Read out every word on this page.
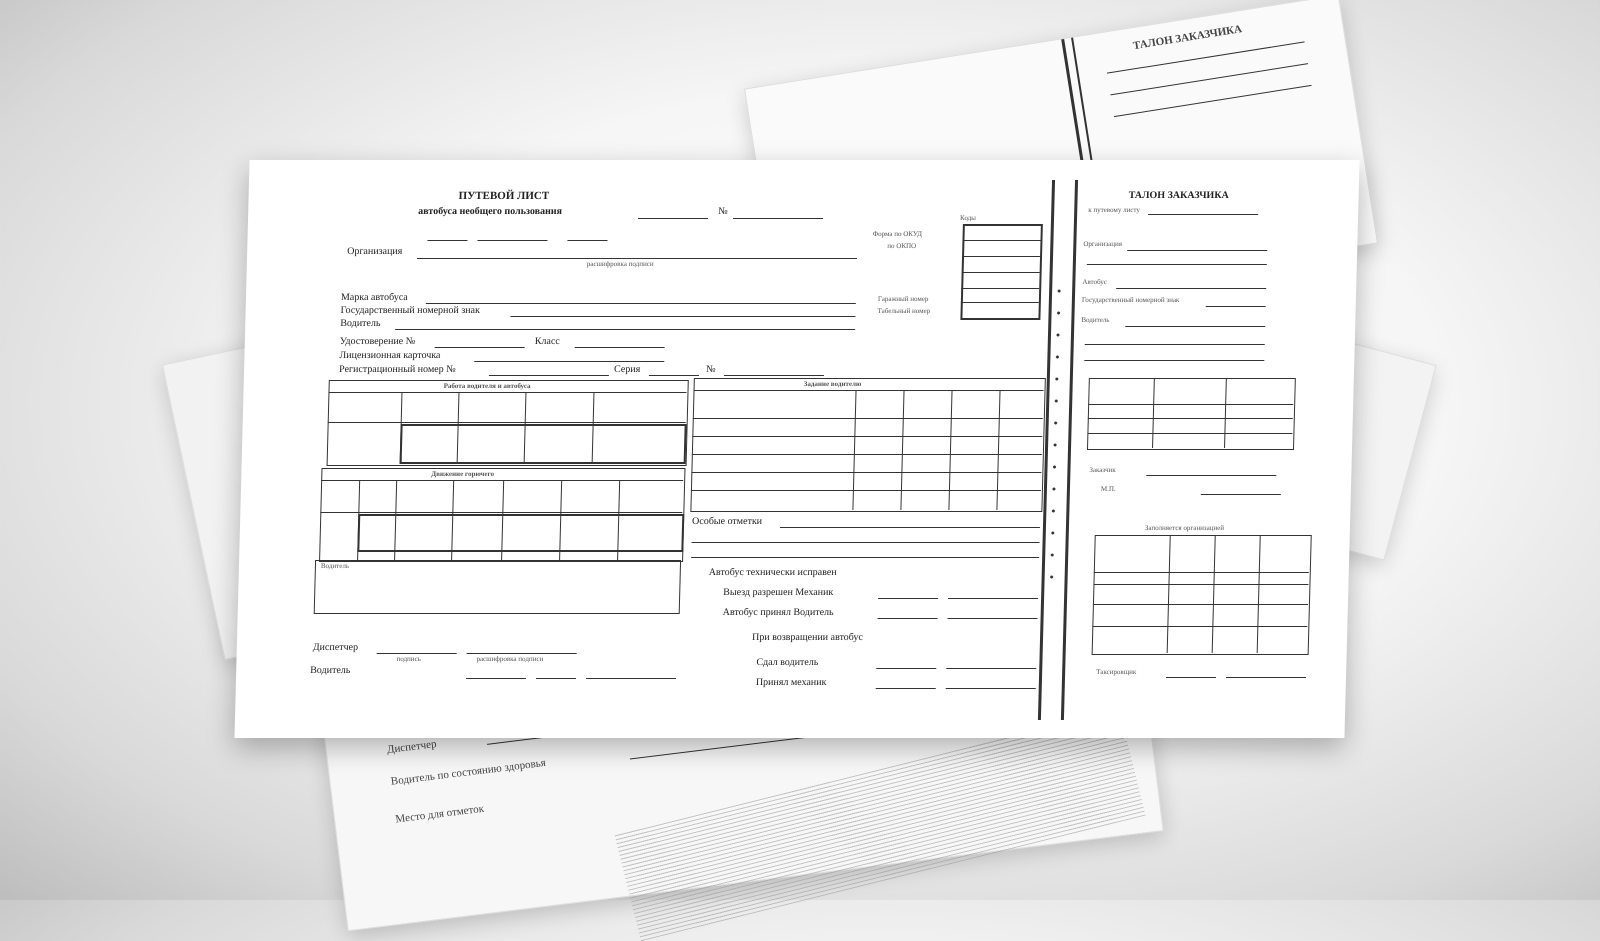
ТАЛОН ЗАКАЗЧИКА
Диспетчер
Водитель по состоянию здоровья
Место для отметок
ПУТЕВОЙ ЛИСТ
автобуса необщего пользования	№
Организация
расшифровка подписи
Коды
Форма по ОКУД
по ОКПО
Гаражный номер
Табельный номер
Марка автобуса
Государственный номерной знак
Водитель
Удостоверение №	Класс
Лицензионная карточка
Регистрационный номер №	Серия	№
Работа водителя и автобуса
Движение горючего
Водитель
Диспетчер
подпись	расшифровка подписи
Водитель
Задание водителю
Особые отметки
Автобус технически исправен
Выезд разрешен Механик
Автобус принял Водитель
При возвращении автобус
Сдал водитель
Принял механик
ТАЛОН ЗАКАЗЧИКА
к путевому листу
Организация
Автобус
Государственный номерной знак
Водитель
Заказчик
М.П.
Заполняется организацией
Таксировщик
